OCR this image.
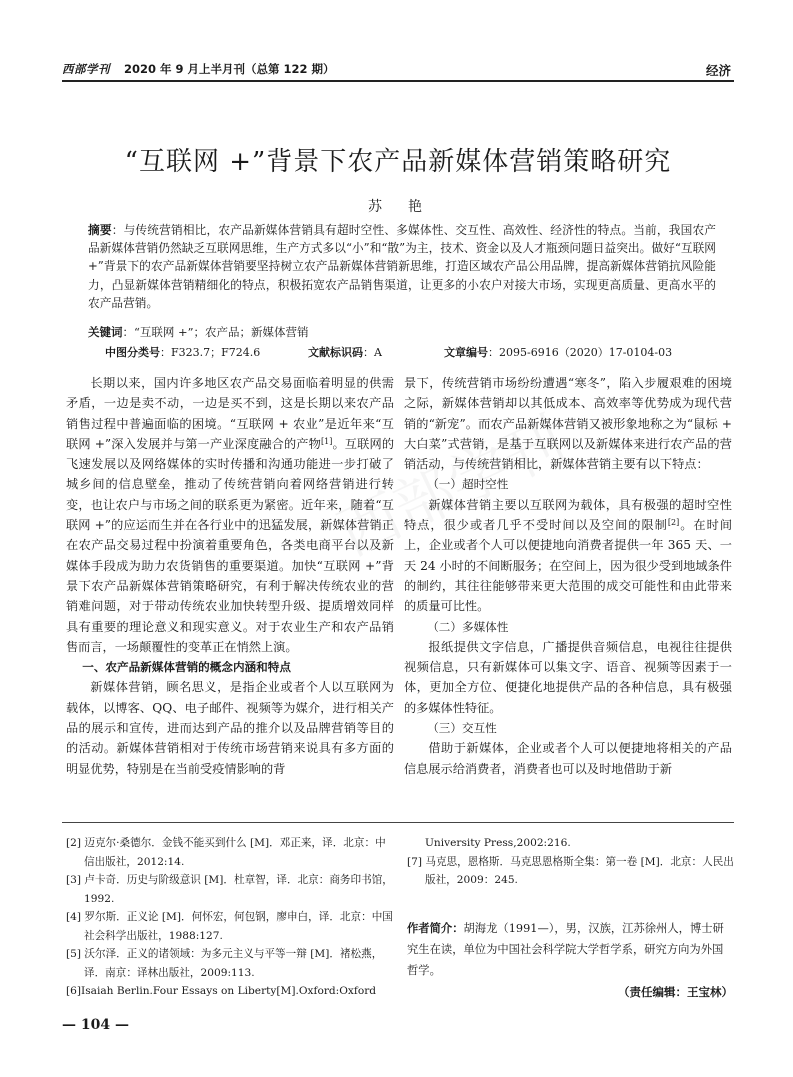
西部学刊 2020 年 9 月上半月刊（总第 122 期）	经济
“互联网 +”背景下农产品新媒体营销策略研究
苏　艳
摘要：与传统营销相比，农产品新媒体营销具有超时空性、多媒体性、交互性、高效性、经济性的特点。当前，我国农产品新媒体营销仍然缺乏互联网思维，生产方式多以“小”和“散”为主，技术、资金以及人才瓶颈问题日益突出。做好“互联网 +”背景下的农产品新媒体营销要坚持树立农产品新媒体营销新思维，打造区域农产品公用品牌，提高新媒体营销抗风险能力，凸显新媒体营销精细化的特点，积极拓宽农产品销售渠道，让更多的小农户对接大市场，实现更高质量、更高水平的农产品营销。
关键词：“互联网 +”；农产品；新媒体营销
中图分类号：F323.7；F724.6	文献标识码：A	文章编号：2095-6916（2020）17-0104-03

长期以来，国内许多地区农产品交易面临着明显的供需矛盾，一边是卖不动，一边是买不到，这是长期以来农产品销售过程中普遍面临的困境。“互联网 + 农业”是近年来“互联网 +”深入发展并与第一产业深度融合的产物[1]。互联网的飞速发展以及网络媒体的实时传播和沟通功能进一步打破了城乡间的信息壁垒，推动了传统营销向着网络营销进行转变，也让农户与市场之间的联系更为紧密。近年来，随着“互联网 +”的应运而生并在各行业中的迅猛发展，新媒体营销正在农产品交易过程中扮演着重要角色，各类电商平台以及新媒体手段成为助力农货销售的重要渠道。加快“互联网 +”背景下农产品新媒体营销策略研究，有利于解决传统农业的营销难问题，对于带动传统农业加快转型升级、提质增效同样具有重要的理论意义和现实意义。对于农业生产和农产品销售而言，一场颠覆性的变革正在悄然上演。

一、农产品新媒体营销的概念内涵和特点

新媒体营销，顾名思义，是指企业或者个人以互联网为载体，以博客、QQ、电子邮件、视频等为媒介，进行相关产品的展示和宣传，进而达到产品的推介以及品牌营销等目的的活动。新媒体营销相对于传统市场营销来说具有多方面的明显优势，特别是在当前受疫情影响的背

景下，传统营销市场纷纷遭遇“寒冬”，陷入步履艰难的困境之际，新媒体营销却以其低成本、高效率等优势成为现代营销的“新宠”。而农产品新媒体营销又被形象地称之为“鼠标 + 大白菜”式营销，是基于互联网以及新媒体来进行农产品的营销活动，与传统营销相比，新媒体营销主要有以下特点：

（一）超时空性

新媒体营销主要以互联网为载体，具有极强的超时空性特点，很少或者几乎不受时间以及空间的限制[2]。在时间上，企业或者个人可以便捷地向消费者提供一年 365 天、一天 24 小时的不间断服务；在空间上，因为很少受到地域条件的制约，其往往能够带来更大范围的成交可能性和由此带来的质量可比性。

（二）多媒体性

报纸提供文字信息，广播提供音频信息，电视往往提供视频信息，只有新媒体可以集文字、语音、视频等因素于一体，更加全方位、便捷化地提供产品的各种信息，具有极强的多媒体性特征。

（三）交互性

借助于新媒体，企业或者个人可以便捷地将相关的产品信息展示给消费者，消费者也可以及时地借助于新

[2] 迈克尔·桑德尔．金钱不能买到什么 [M]．邓正来，译．北京：中信出版社，2012:14.
[3] 卢卡奇．历史与阶级意识 [M]．杜章智，译．北京：商务印书馆，1992.
[4] 罗尔斯．正义论 [M]．何怀宏，何包钢，廖申白，译．北京：中国社会科学出版社，1988:127.
[5] 沃尔泽．正义的诸领域：为多元主义与平等一辩 [M]．褚松燕，译．南京：译林出版社，2009:113.
[6]Isaiah Berlin.Four Essays on Liberty[M].Oxford:Oxford
University Press,2002:216.
[7] 马克思，恩格斯．马克思恩格斯全集：第一卷 [M]．北京：人民出版社，2009：245.
作者简介：胡海龙（1991—），男，汉族，江苏徐州人，博士研究生在读，单位为中国社会科学院大学哲学系，研究方向为外国哲学。
（责任编辑：王宝林）
— 104 —
